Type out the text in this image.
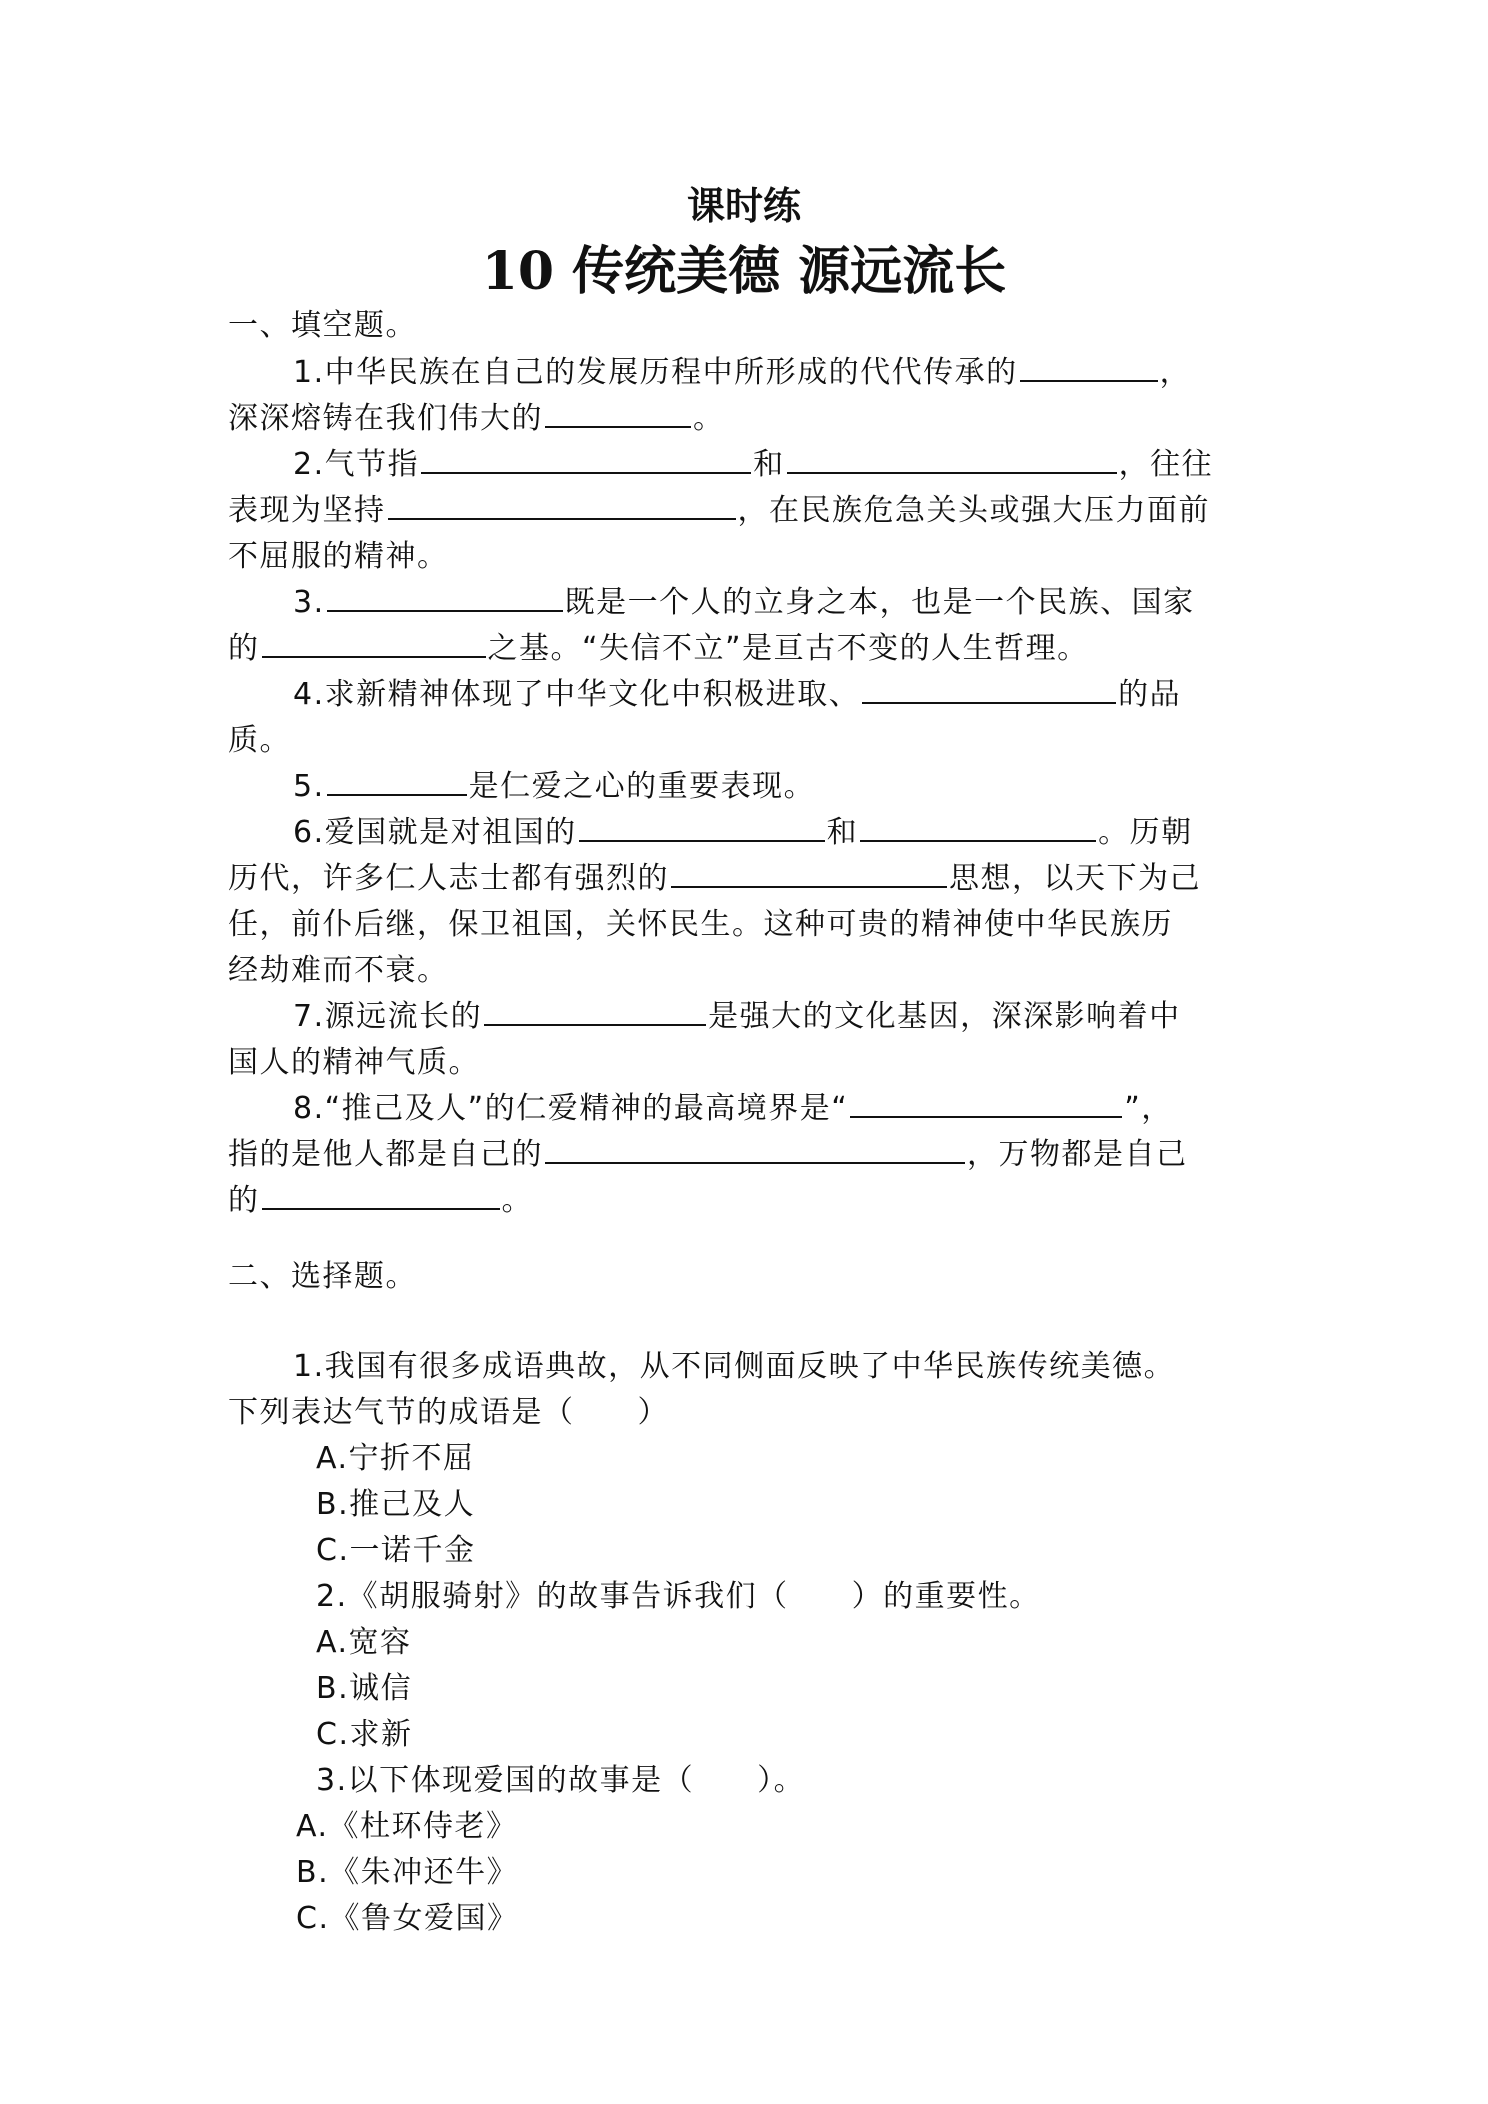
课时练
10 传统美德 源远流长
一、填空题。
1.中华民族在自己的发展历程中所形成的代代传承的	，
深深熔铸在我们伟大的	。
2.气节指	和	，往往
表现为坚持	，在民族危急关头或强大压力面前
不屈服的精神。
3.	既是一个人的立身之本，也是一个民族、国家
的	之基。“失信不立”是亘古不变的人生哲理。
4.求新精神体现了中华文化中积极进取、	的品
质。
5.	是仁爱之心的重要表现。
6.爱国就是对祖国的	和	。历朝
历代，许多仁人志士都有强烈的	思想，以天下为己
任，前仆后继，保卫祖国，关怀民生。这种可贵的精神使中华民族历
经劫难而不衰。
7.源远流长的	是强大的文化基因，深深影响着中
国人的精神气质。
8.“推己及人”的仁爱精神的最高境界是“	”，
指的是他人都是自己的	，万物都是自己
的	。
二、选择题。
1.我国有很多成语典故，从不同侧面反映了中华民族传统美德。
下列表达气节的成语是（　　）
A.宁折不屈
B.推己及人
C.一诺千金
2.《胡服骑射》的故事告诉我们（　　）的重要性。
A.宽容
B.诚信
C.求新
3.以下体现爱国的故事是（　　）。
A.《杜环侍老》
B.《朱冲还牛》
C.《鲁女爱国》
